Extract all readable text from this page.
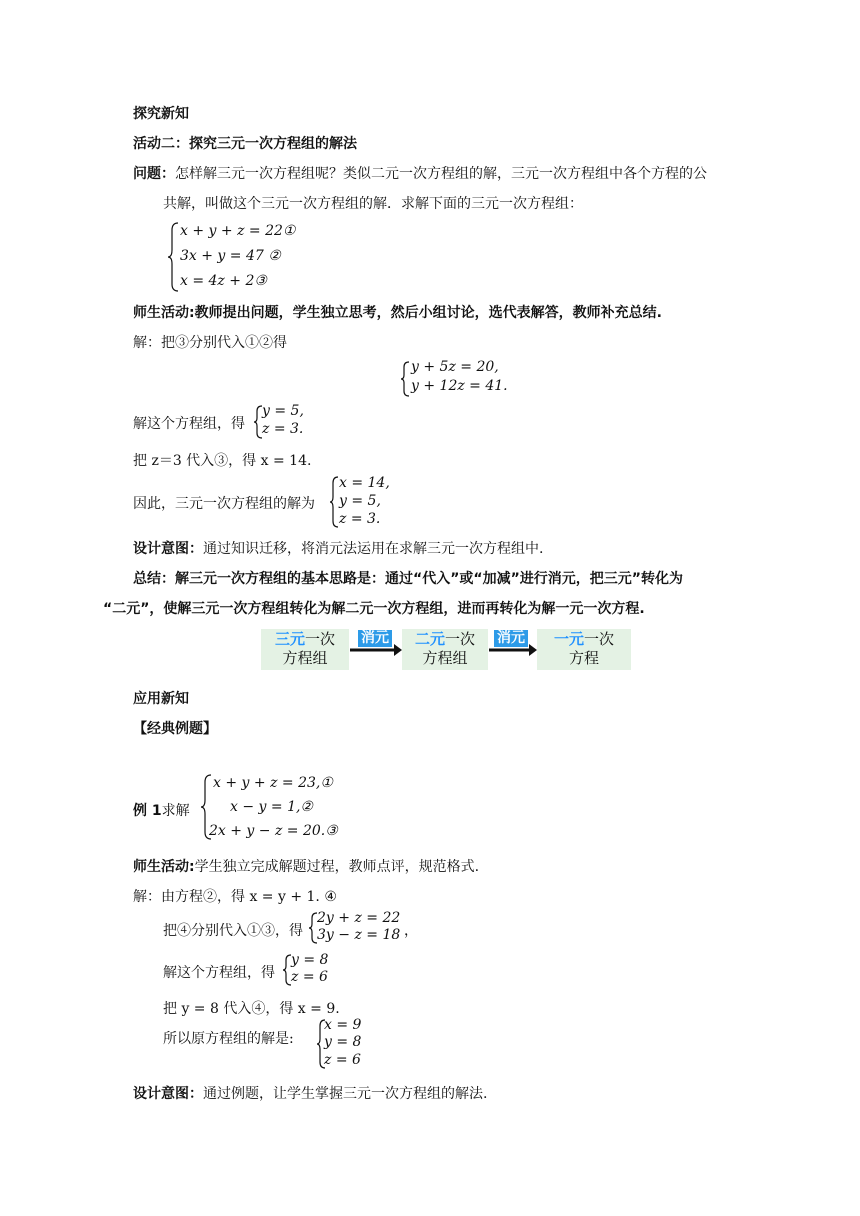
探究新知
活动二：探究三元一次方程组的解法
问题：怎样解三元一次方程组呢？类似二元一次方程组的解，三元一次方程组中各个方程的公
共解，叫做这个三元一次方程组的解．求解下面的三元一次方程组：
x + y + z = 22①
3x + y = 47 ②
x = 4z + 2③
师生活动:教师提出问题，学生独立思考，然后小组讨论，选代表解答，教师补充总结.
解：把③分别代入①②得
y + 5z = 20,
y + 12z = 41.
解这个方程组，得
y = 5,
z = 3.
把 z＝3 代入③，得 x = 14.
因此，三元一次方程组的解为
x = 14,
y = 5,
z = 3.
设计意图：通过知识迁移，将消元法运用在求解三元一次方程组中.
总结：解三元一次方程组的基本思路是：通过“代入”或“加减”进行消元，把三元”转化为
“二元”，使解三元一次方程组转化为解二元一次方程组，进而再转化为解一元一次方程.
三元一次
方程组
消元	二元一次
方程组
消元	一元一次
方程
应用新知
【经典例题】
例 1求解
x + y + z = 23,①
x − y = 1,②
2x + y − z = 20.③
师生活动:学生独立完成解题过程，教师点评，规范格式.
解：由方程②，得 x = y + 1. ④
把④分别代入①③，得
2y + z = 22
3y − z = 18 ，
解这个方程组，得
y = 8
z = 6
把 y = 8 代入④，得 x = 9.
所以原方程组的解是:
x = 9
y = 8
z = 6
设计意图：通过例题，让学生掌握三元一次方程组的解法.
